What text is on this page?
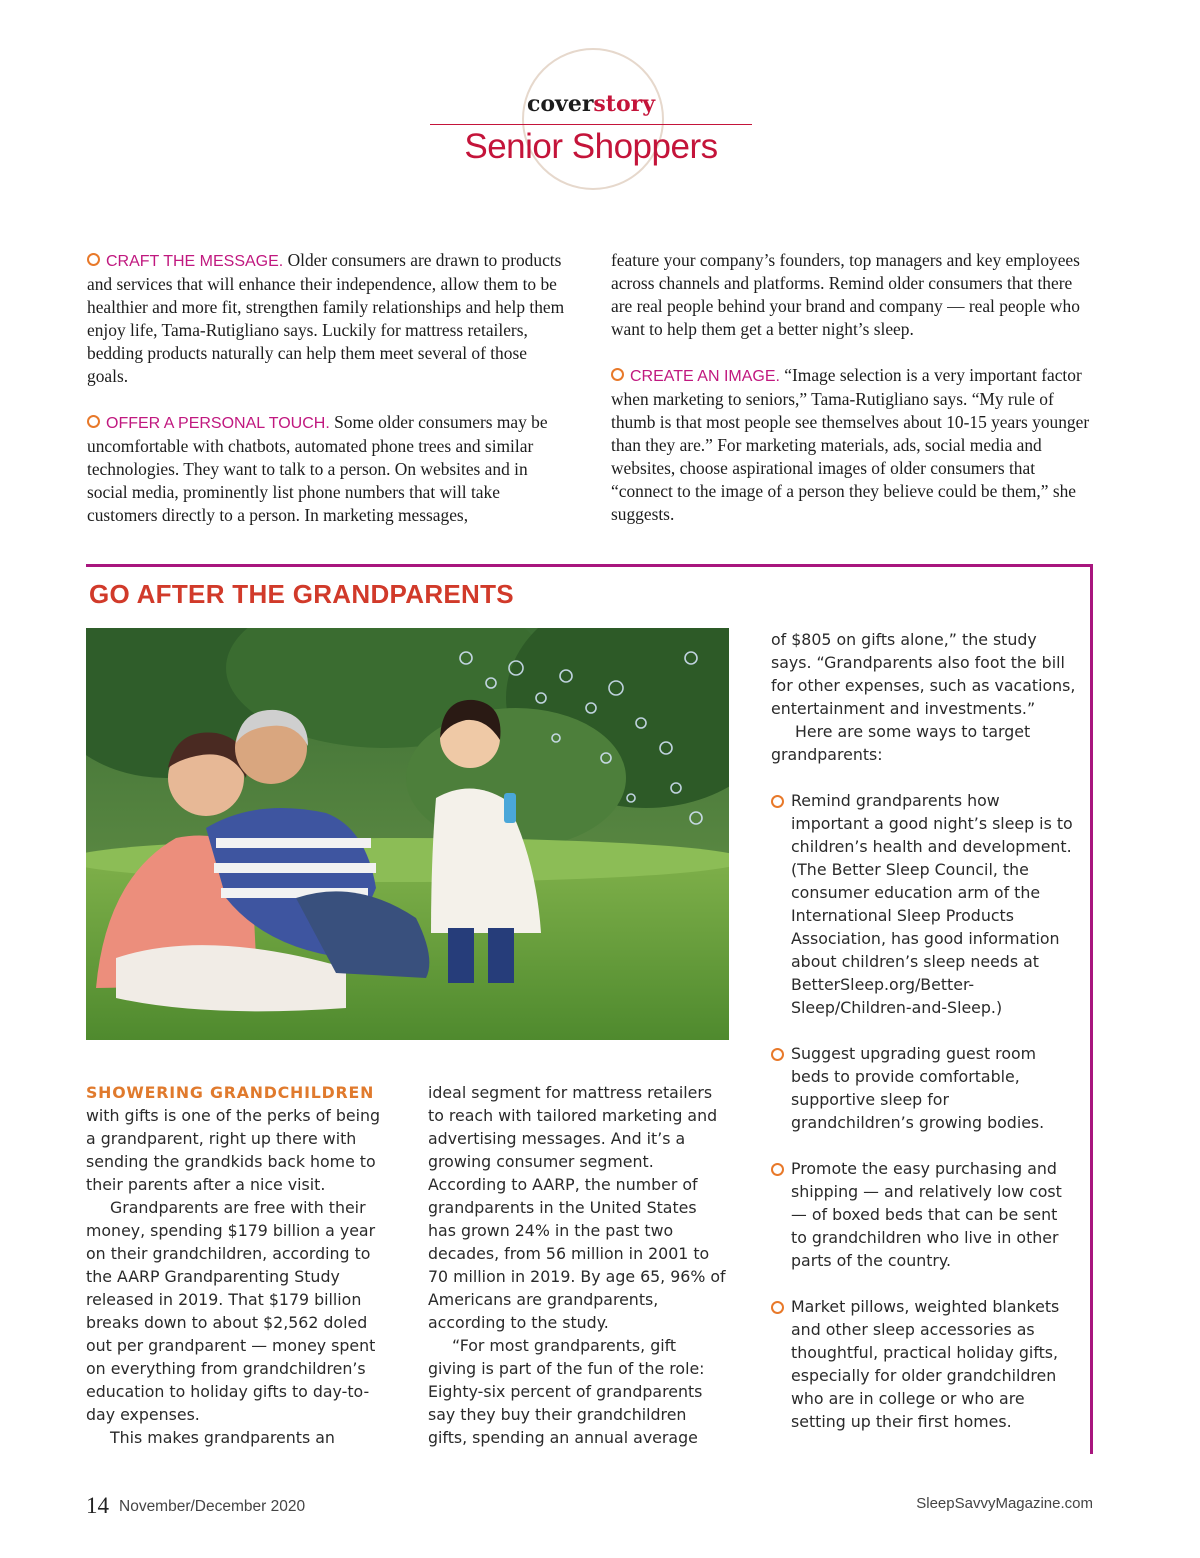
coverstory
Senior Shoppers

CRAFT THE MESSAGE. Older consumers are drawn to products and services that will enhance their independence, allow them to be healthier and more fit, strengthen family relationships and help them enjoy life, Tama-Rutigliano says. Luckily for mattress retailers, bedding products naturally can help them meet several of those goals.

OFFER A PERSONAL TOUCH. Some older consumers may be uncomfortable with chatbots, automated phone trees and similar technologies. They want to talk to a person. On websites and in social media, prominently list phone numbers that will take customers directly to a person. In marketing messages,

feature your company’s founders, top managers and key employees across channels and platforms. Remind older consumers that there are real people behind your brand and company — real people who want to help them get a better night’s sleep.

CREATE AN IMAGE. “Image selection is a very important factor when marketing to seniors,” Tama-Rutigliano says. “My rule of thumb is that most people see themselves about 10-15 years younger than they are.” For marketing materials, ads, social media and websites, choose aspirational images of older consumers that “connect to the image of a person they believe could be them,” she suggests.

GO AFTER THE GRANDPARENTS

SHOWERING GRANDCHILDREN with gifts is one of the perks of being a grandparent, right up there with sending the grandkids back home to their parents after a nice visit.

Grandparents are free with their money, spending $179 billion a year on their grandchildren, according to the AARP Grandparenting Study released in 2019. That $179 billion breaks down to about $2,562 doled out per grandparent — money spent on everything from grandchildren’s education to holiday gifts to day-to-day expenses.

This makes grandparents an

ideal segment for mattress retailers to reach with tailored marketing and advertising messages. And it’s a growing consumer segment. According to AARP, the number of grandparents in the United States has grown 24% in the past two decades, from 56 million in 2001 to 70 million in 2019. By age 65, 96% of Americans are grandparents, according to the study.

“For most grandparents, gift giving is part of the fun of the role: Eighty-six percent of grandparents say they buy their grandchildren gifts, spending an annual average

of $805 on gifts alone,” the study says. “Grandparents also foot the bill for other expenses, such as vacations, entertainment and investments.”

Here are some ways to target grandparents:

Remind grandparents how important a good night’s sleep is to children’s health and development. (The Better Sleep Council, the consumer education arm of the International Sleep Products Association, has good information about children’s sleep needs at BetterSleep.org/Better-Sleep/Children-and-Sleep.)
Suggest upgrading guest room beds to provide comfortable, supportive sleep for grandchildren’s growing bodies.
Promote the easy purchasing and shipping — and relatively low cost — of boxed beds that can be sent to grandchildren who live in other parts of the country.
Market pillows, weighted blankets and other sleep accessories as thoughtful, practical holiday gifts, especially for older grandchildren who are in college or who are setting up their first homes.
14 November/December 2020	SleepSavvyMagazine.com
